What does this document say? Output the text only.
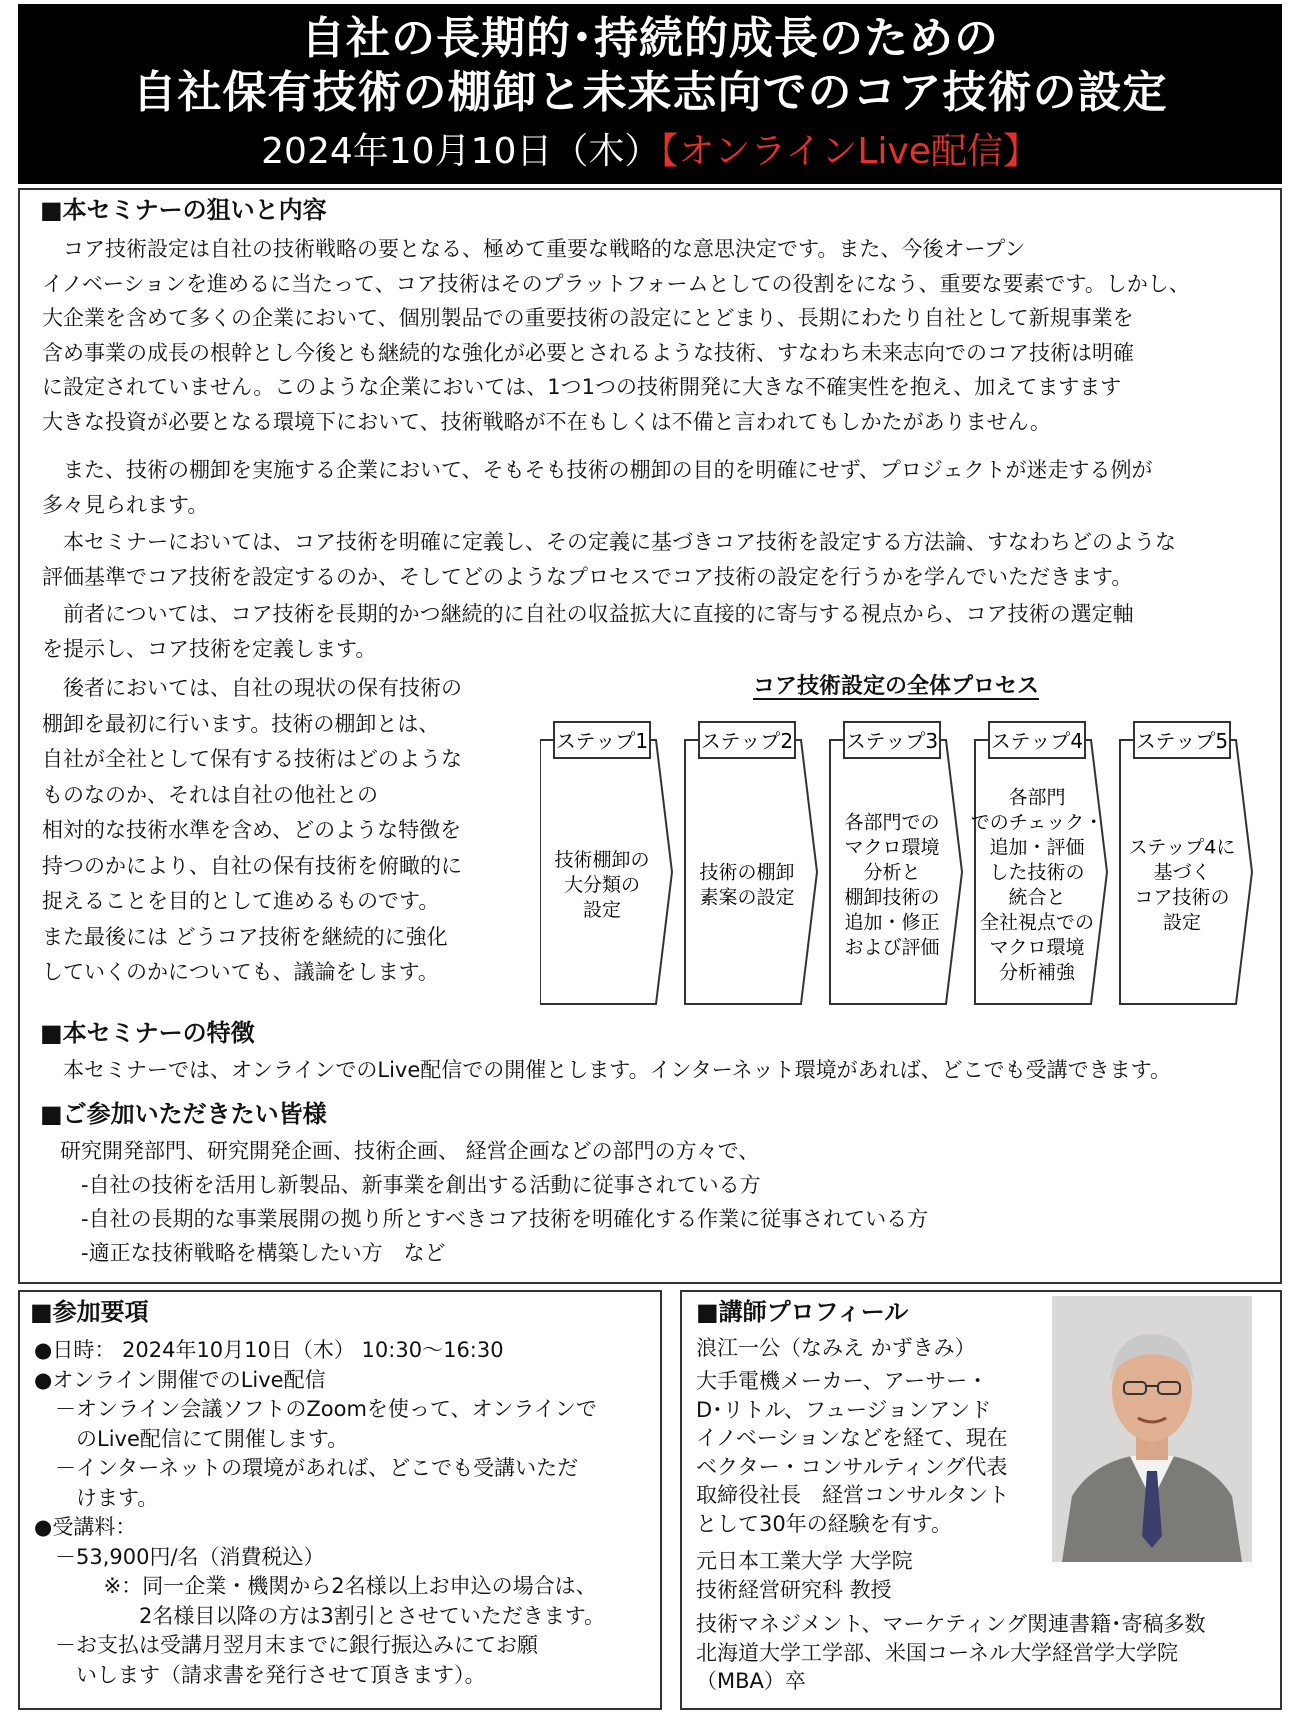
自社の長期的･持続的成長のための
自社保有技術の棚卸と未来志向でのコア技術の設定
2024年10月10日（木）【オンラインLive配信】
■本セミナーの狙いと内容
　コア技術設定は自社の技術戦略の要となる、極めて重要な戦略的な意思決定です。また、今後オープン
イノベーションを進めるに当たって、コア技術はそのプラットフォームとしての役割をになう、重要な要素です。しかし、
大企業を含めて多くの企業において、個別製品での重要技術の設定にとどまり、長期にわたり自社として新規事業を
含め事業の成長の根幹とし今後とも継続的な強化が必要とされるような技術、すなわち未来志向でのコア技術は明確
に設定されていません。このような企業においては、1つ1つの技術開発に大きな不確実性を抱え、加えてますます
大きな投資が必要となる環境下において、技術戦略が不在もしくは不備と言われてもしかたがありません。
　また、技術の棚卸を実施する企業において、そもそも技術の棚卸の目的を明確にせず、プロジェクトが迷走する例が
多々見られます。
　本セミナーにおいては、コア技術を明確に定義し、その定義に基づきコア技術を設定する方法論、すなわちどのような
評価基準でコア技術を設定するのか、そしてどのようなプロセスでコア技術の設定を行うかを学んでいただきます。
　前者については、コア技術を長期的かつ継続的に自社の収益拡大に直接的に寄与する視点から、コア技術の選定軸
を提示し、コア技術を定義します。
　後者においては、自社の現状の保有技術の
棚卸を最初に行います。技術の棚卸とは、
自社が全社として保有する技術はどのような
ものなのか、それは自社の他社との
相対的な技術水準を含め、どのような特徴を
持つのかにより、自社の保有技術を俯瞰的に
捉えることを目的として進めるものです。
また最後には どうコア技術を継続的に強化
していくのかについても、議論をします。
コア技術設定の全体プロセス
ステップ1
技術棚卸の
大分類の
設定
ステップ2
技術の棚卸
素案の設定
ステップ3
各部門での
マクロ環境
分析と
棚卸技術の
追加・修正
および評価
ステップ4
各部門
でのチェック・
追加・評価
した技術の
統合と
全社視点での
マクロ環境
分析補強
ステップ5
ステップ4に
基づく
コア技術の
設定
■本セミナーの特徴
　本セミナーでは、オンラインでのLive配信での開催とします。インターネット環境があれば、どこでも受講できます。
■ご参加いただきたい皆様
研究開発部門、研究開発企画、技術企画、 経営企画などの部門の方々で、
　-自社の技術を活用し新製品、新事業を創出する活動に従事されている方
　-自社の長期的な事業展開の拠り所とすべきコア技術を明確化する作業に従事されている方
　-適正な技術戦略を構築したい方　など
■参加要項
●日時： 2024年10月10日（木） 10:30～16:30
●オンライン開催でのLive配信
　－オンライン会議ソフトのZoomを使って、オンラインで
　　のLive配信にて開催します。
　－インターネットの環境があれば、どこでも受講いただ
　　けます。
●受講料：
　－53,900円/名（消費税込）
　　　 ※：同一企業・機関から2名様以上お申込の場合は、
　　　　　2名様目以降の方は3割引とさせていただきます。
　－お支払は受講月翌月末までに銀行振込みにてお願
　　いします（請求書を発行させて頂きます）。
■講師プロフィール
浪江一公（なみえ かずきみ）
大手電機メーカー、アーサー・
D･リトル、フュージョンアンド
イノベーションなどを経て、現在
ベクター・コンサルティング代表
取締役社長　経営コンサルタント
として30年の経験を有す。
元日本工業大学 大学院
技術経営研究科 教授
技術マネジメント、マーケティング関連書籍･寄稿多数
北海道大学工学部、米国コーネル大学経営学大学院
（MBA）卒
